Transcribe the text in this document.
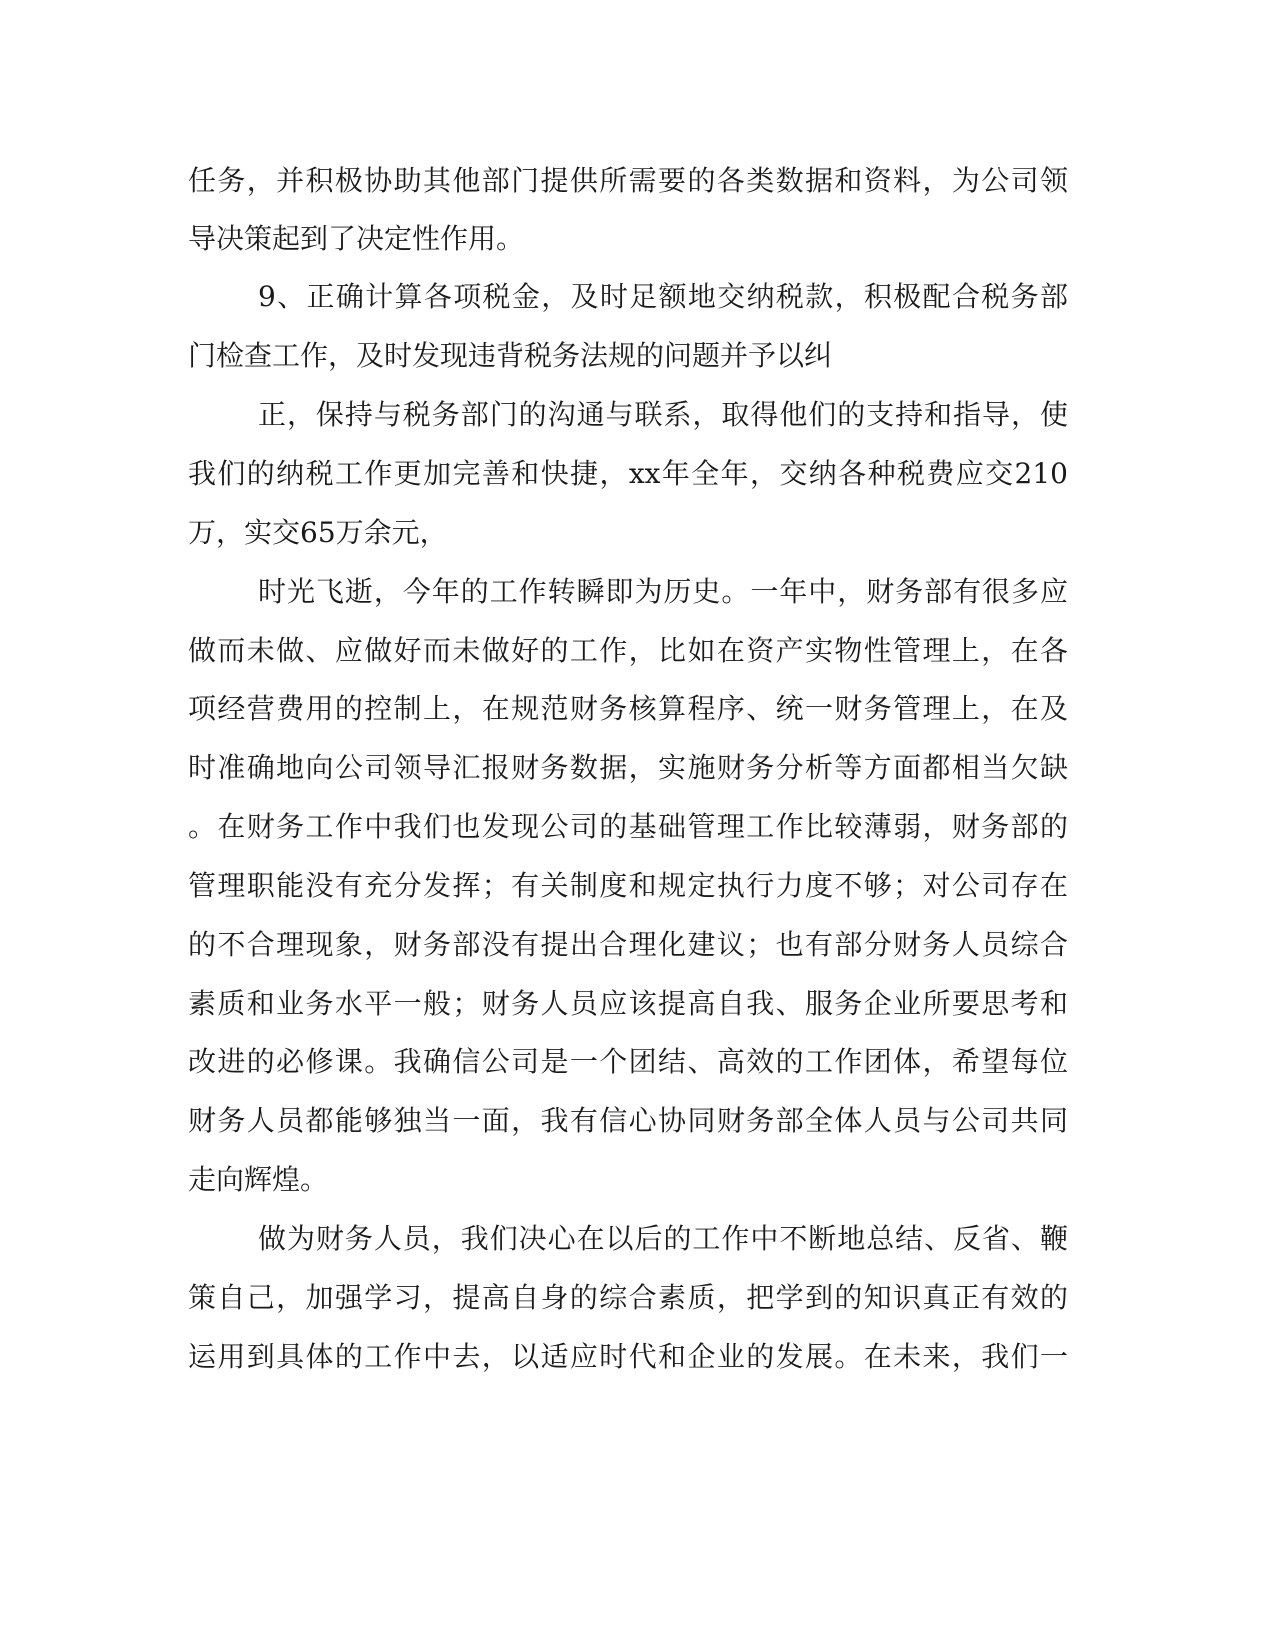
任务，并积极协助其他部门提供所需要的各类数据和资料，为公司领
导决策起到了决定性作用。
9、正确计算各项税金，及时足额地交纳税款，积极配合税务部
门检查工作，及时发现违背税务法规的问题并予以纠
正，保持与税务部门的沟通与联系，取得他们的支持和指导，使
我们的纳税工作更加完善和快捷，xx年全年，交纳各种税费应交210
万，实交65万余元，
时光飞逝，今年的工作转瞬即为历史。一年中，财务部有很多应
做而未做、应做好而未做好的工作，比如在资产实物性管理上，在各
项经营费用的控制上，在规范财务核算程序、统一财务管理上，在及
时准确地向公司领导汇报财务数据，实施财务分析等方面都相当欠缺
。在财务工作中我们也发现公司的基础管理工作比较薄弱，财务部的
管理职能没有充分发挥；有关制度和规定执行力度不够；对公司存在
的不合理现象，财务部没有提出合理化建议；也有部分财务人员综合
素质和业务水平一般；财务人员应该提高自我、服务企业所要思考和
改进的必修课。我确信公司是一个团结、高效的工作团体，希望每位
财务人员都能够独当一面，我有信心协同财务部全体人员与公司共同
走向辉煌。
做为财务人员，我们决心在以后的工作中不断地总结、反省、鞭
策自己，加强学习，提高自身的综合素质，把学到的知识真正有效的
运用到具体的工作中去，以适应时代和企业的发展。在未来，我们一
